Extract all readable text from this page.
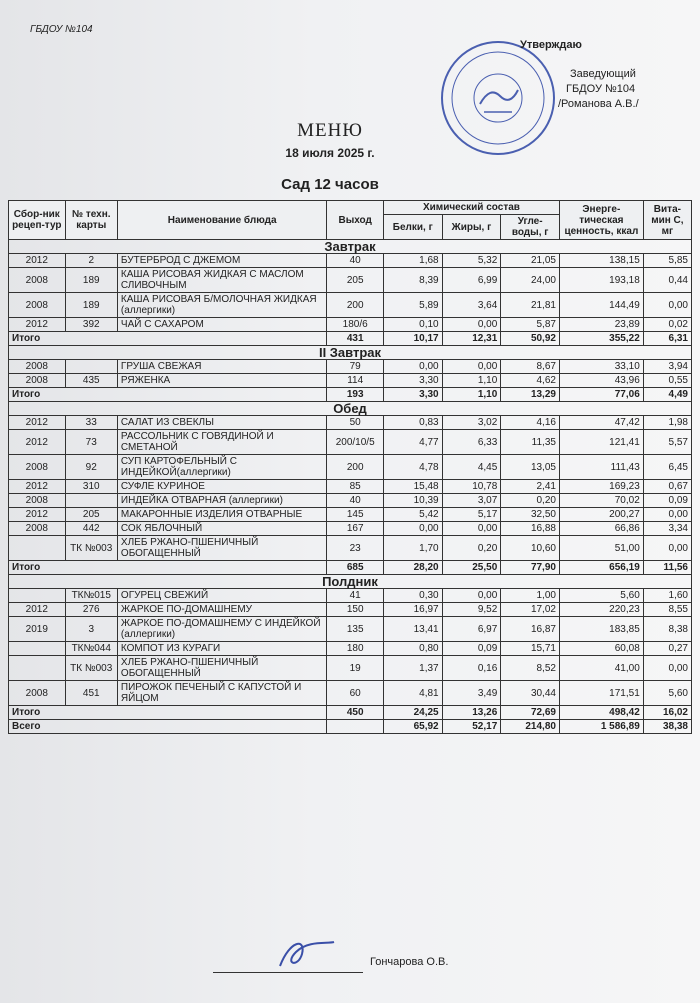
ГБДОУ №104
Утверждаю
Заведующий
ГБДОУ №104
/Романова А.В./
МЕНЮ
18 июля 2025 г.
Сад 12 часов
Сбор-ник рецеп-тур	№ техн. карты	Наименование блюда	Выход	Химический состав			Энерге-тическая ценность, ккал	Вита-мин С, мг
				Белки, г	Жиры, г	Угле-воды, г		
Завтрак								
2012	2	БУТЕРБРОД С ДЖЕМОМ	40	1,68	5,32	21,05	138,15	5,85
2008	189	КАША РИСОВАЯ ЖИДКАЯ С МАСЛОМ СЛИВОЧНЫМ	205	8,39	6,99	24,00	193,18	0,44
2008	189	КАША РИСОВАЯ Б/МОЛОЧНАЯ ЖИДКАЯ (аллергики)	200	5,89	3,64	21,81	144,49	0,00
2012	392	ЧАЙ С САХАРОМ	180/6	0,10	0,00	5,87	23,89	0,02
Итого			431	10,17	12,31	50,92	355,22	6,31
II Завтрак								
2008		ГРУША СВЕЖАЯ	79	0,00	0,00	8,67	33,10	3,94
2008	435	РЯЖЕНКА	114	3,30	1,10	4,62	43,96	0,55
Итого			193	3,30	1,10	13,29	77,06	4,49
Обед								
2012	33	САЛАТ ИЗ СВЕКЛЫ	50	0,83	3,02	4,16	47,42	1,98
2012	73	РАССОЛЬНИК С ГОВЯДИНОЙ И СМЕТАНОЙ	200/10/5	4,77	6,33	11,35	121,41	5,57
2008	92	СУП КАРТОФЕЛЬНЫЙ С ИНДЕЙКОЙ(аллергики)	200	4,78	4,45	13,05	111,43	6,45
2012	310	СУФЛЕ КУРИНОЕ	85	15,48	10,78	2,41	169,23	0,67
2008		ИНДЕЙКА ОТВАРНАЯ (аллергики)	40	10,39	3,07	0,20	70,02	0,09
2012	205	МАКАРОННЫЕ ИЗДЕЛИЯ ОТВАРНЫЕ	145	5,42	5,17	32,50	200,27	0,00
2008	442	СОК ЯБЛОЧНЫЙ	167	0,00	0,00	16,88	66,86	3,34
	ТК №003	ХЛЕБ РЖАНО-ПШЕНИЧНЫЙ ОБОГАЩЕННЫЙ	23	1,70	0,20	10,60	51,00	0,00
Итого			685	28,20	25,50	77,90	656,19	11,56
Полдник								
	ТК№015	ОГУРЕЦ СВЕЖИЙ	41	0,30	0,00	1,00	5,60	1,60
2012	276	ЖАРКОЕ ПО-ДОМАШНЕМУ	150	16,97	9,52	17,02	220,23	8,55
2019	3	ЖАРКОЕ ПО-ДОМАШНЕМУ С ИНДЕЙКОЙ (аллергики)	135	13,41	6,97	16,87	183,85	8,38
	ТК№044	КОМПОТ ИЗ КУРАГИ	180	0,80	0,09	15,71	60,08	0,27
	ТК №003	ХЛЕБ РЖАНО-ПШЕНИЧНЫЙ ОБОГАЩЕННЫЙ	19	1,37	0,16	8,52	41,00	0,00
2008	451	ПИРОЖОК ПЕЧЕНЫЙ С КАПУСТОЙ И ЯЙЦОМ	60	4,81	3,49	30,44	171,51	5,60
Итого			450	24,25	13,26	72,69	498,42	16,02
Всего				65,92	52,17	214,80	1 586,89	38,38
Гончарова О.В.
